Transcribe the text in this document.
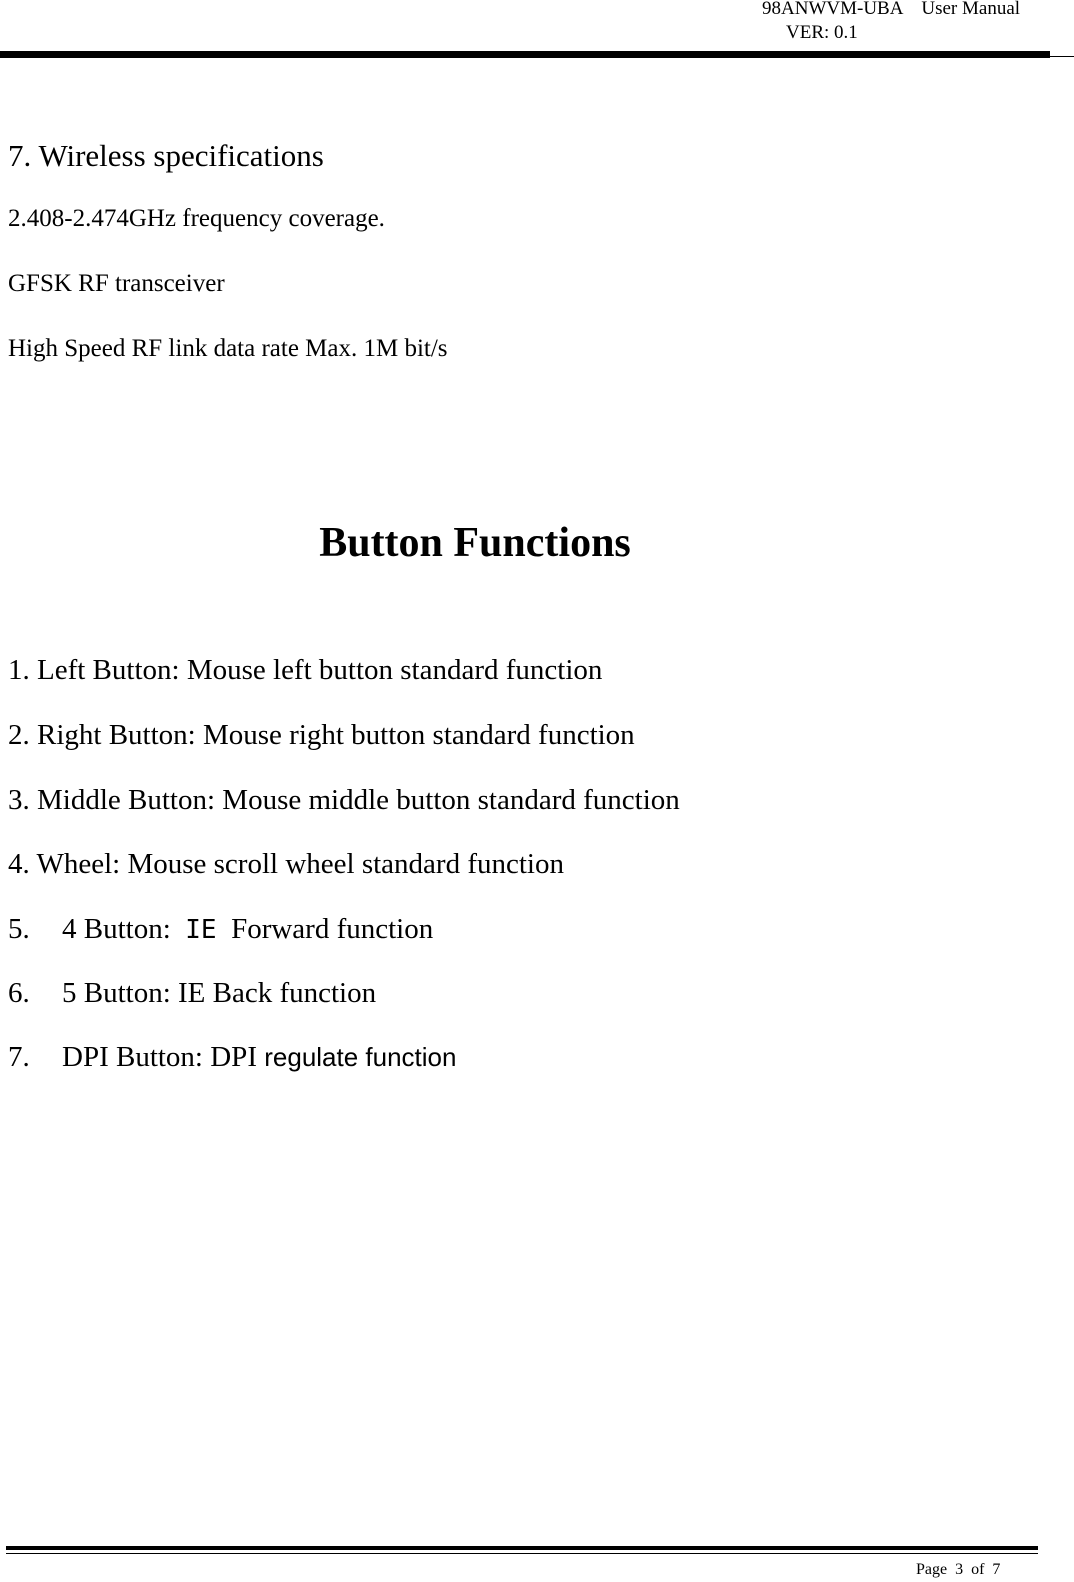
98ANWVM-UBA    User Manual
VER: 0.1
7. Wireless specifications
2.408-2.474GHz frequency coverage.
GFSK RF transceiver
High Speed RF link data rate Max. 1M bit/s
Button Functions
1. Left Button: Mouse left button standard function
2. Right Button: Mouse right button standard function
3. Middle Button: Mouse middle button standard function
4. Wheel: Mouse scroll wheel standard function
5. 4 Button:  IE  Forward function
6. 5 Button: IE Back function
7. DPI Button: DPI regulate function
Page  3  of  7
